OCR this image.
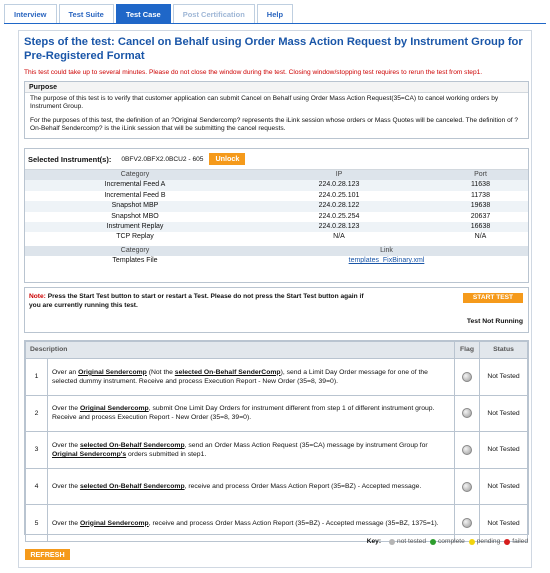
Interview	Test Suite	Test Case	Post Certification	Help
Steps of the test: Cancel on Behalf using Order Mass Action Request by Instrument Group for Pre-Registered Format
This test could take up to several minutes. Please do not close the window during the test. Closing window/stopping test requires to rerun the test from step1.
Purpose

The purpose of this test is to verify that customer application can submit Cancel on Behalf using Order Mass Action Request(35=CA) to cancel working orders by Instrument Group.

For the purposes of this test, the definition of an ?Original Sendercomp? represents the iLink session whose orders or Mass Quotes will be canceled. The definition of ?On-Behalf Sendercomp? is the iLink session that will be submitting the cancel requests.

Selected Instrument(s): 0BFV2.0BFX2.0BCU2 - 605	Unlock
Category	IP	Port
Incremental Feed A	224.0.28.123	11638
Incremental Feed B	224.0.25.101	11738
Snapshot MBP	224.0.28.122	19638
Snapshot MBO	224.0.25.254	20637
Instrument Replay	224.0.28.123	16638
TCP Replay	N/A	N/A

Category	Link
Templates File	templates_FixBinary.xml
Note: Press the Start Test button to start or restart a Test. Please do not press the Start Test button again if you are currently running this test.
START TEST
Test Not Running
Description		Flag	Status
1	Over an Original Sendercomp (Not the selected On-Behalf SenderComp), send a Limit Day Order message for one of the selected dummy instrument. Receive and process Execution Report - New Order (35=8, 39=0).		Not Tested
2	Over the Original Sendercomp, submit One Limit Day Orders for instrument different from step 1 of different instrument group. Receive and process Execution Report - New Order (35=8, 39=0).		Not Tested
3	Over the selected On-Behalf Sendercomp, send an Order Mass Action Request (35=CA) message by instrument Group for Original Sendercomp's orders submitted in step1.		Not Tested
4	Over the selected On-Behalf Sendercomp, receive and process Order Mass Action Report (35=BZ) - Accepted message.		Not Tested
5	Over the Original Sendercomp, receive and process Order Mass Action Report (35=BZ) - Accepted message (35=BZ, 1375=1).		Not Tested
Key: not tested complete pending failed
REFRESH
